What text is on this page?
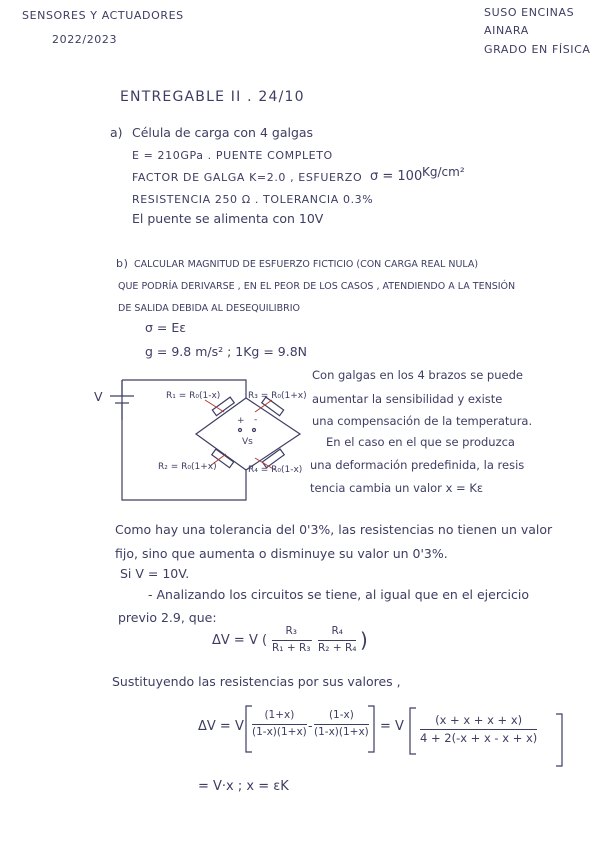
SENSORES Y ACTUADORES
2022/2023
SUSO ENCINAS
AINARA
GRADO EN FÍSICA
ENTREGABLE II . 24/10
a) Célula de carga con 4 galgas
E = 210GPa . PUENTE COMPLETO
FACTOR DE GALGA K=2.0 , ESFUERZO σ = 100 Kg/cm²
RESISTENCIA 250 Ω . TOLERANCIA 0.3%
El puente se alimenta con 10V
b) CALCULAR MAGNITUD DE ESFUERZO FICTICIO (CON CARGA REAL NULA)
QUE PODRÍA DERIVARSE , EN EL PEOR DE LOS CASOS , ATENDIENDO A LA TENSIÓN
DE SALIDA DEBIDA AL DESEQUILIBRIO
σ = Eε
g = 9.8 m/s² ; 1Kg = 9.8N
V	R₁ = R₀(1-x)	R₃ = R₀(1+x)
R₂ = R₀(1+x)	R₄ = R₀(1-x)
+ -
Vs
Con galgas en los 4 brazos se puede
aumentar la sensibilidad y existe
una compensación de la temperatura.
En el caso en el que se produzca
una deformación predefinida, la resis
tencia cambia un valor x = Kε
Como hay una tolerancia del 0'3%, las resistencias no tienen un valor
fijo, sino que aumenta o disminuye su valor un 0'3%.
Si V = 10V.
- Analizando los circuitos se tiene, al igual que en el ejercicio
previo 2.9, que:
ΔV = V (
R₃
R₁ + R₃
-
R₄
R₂ + R₄ )
Sustituyendo las resistencias por sus valores ,
ΔV = V
(1+x)
(1-x)(1+x) -
(1-x)
(1-x)(1+x) = V	(x + x + x + x)
4 + 2(-x + x - x + x)
= V·x ; x = εK
